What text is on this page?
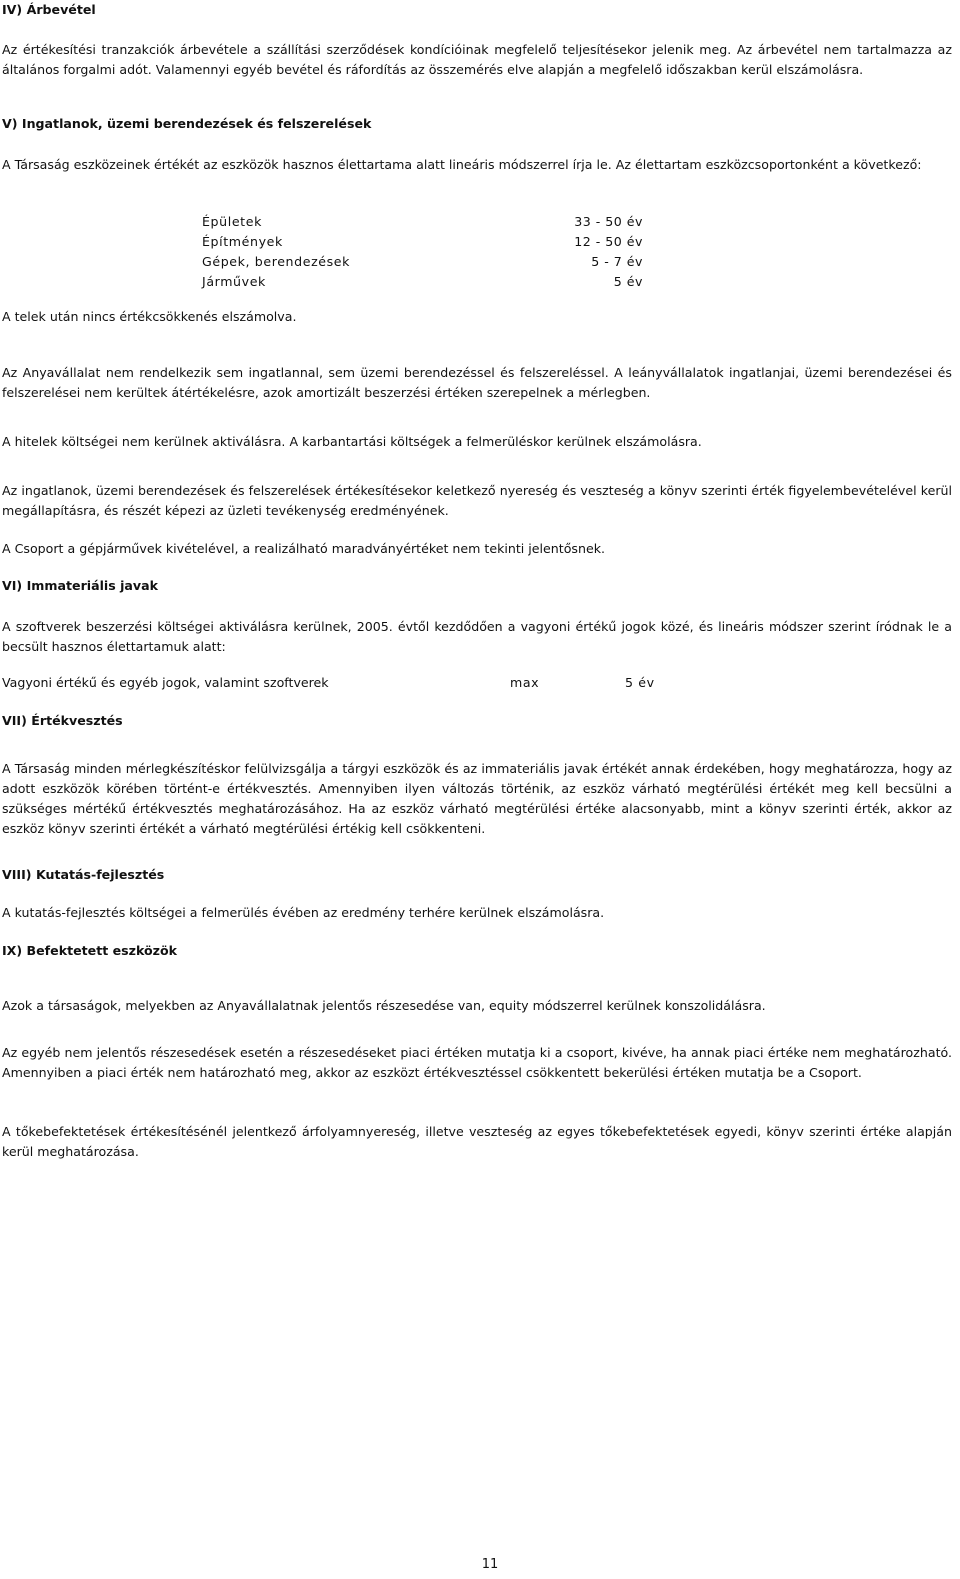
IV) Árbevétel

Az értékesítési tranzakciók árbevétele a szállítási szerződések kondícióinak megfelelő teljesítésekor jelenik meg. Az árbevétel nem tartalmazza az általános forgalmi adót. Valamennyi egyéb bevétel és ráfordítás az összemérés elve alapján a megfelelő időszakban kerül elszámolásra.

V) Ingatlanok, üzemi berendezések és felszerelések

A Társaság eszközeinek értékét az eszközök hasznos élettartama alatt lineáris módszerrel írja le. Az élettartam eszközcsoportonként a következő:

Épületek
Építmények
Gépek, berendezések
Járművek
33 - 50 év
12 - 50 év
5 - 7 év
5 év

A telek után nincs értékcsökkenés elszámolva.

Az Anyavállalat nem rendelkezik sem ingatlannal, sem üzemi berendezéssel és felszereléssel. A leányvállalatok ingatlanjai, üzemi berendezései és felszerelései nem kerültek átértékelésre, azok amortizált beszerzési értéken szerepelnek a mérlegben.

A hitelek költségei nem kerülnek aktiválásra. A karbantartási költségek a felmerüléskor kerülnek elszámolásra.

Az ingatlanok, üzemi berendezések és felszerelések értékesítésekor keletkező nyereség és veszteség a könyv szerinti érték figyelembevételével kerül megállapításra, és részét képezi az üzleti tevékenység eredményének.

A Csoport a gépjárművek kivételével, a realizálható maradványértéket nem tekinti jelentősnek.

VI) Immateriális javak

A szoftverek beszerzési költségei aktiválásra kerülnek, 2005. évtől kezdődően a vagyoni értékű jogok közé, és lineáris módszer szerint íródnak le a becsült hasznos élettartamuk alatt:

Vagyoni értékű és egyéb jogok, valamint szoftverek	max	5 év
VII) Értékvesztés

A Társaság minden mérlegkészítéskor felülvizsgálja a tárgyi eszközök és az immateriális javak értékét annak érdekében, hogy meghatározza, hogy az adott eszközök körében történt-e értékvesztés. Amennyiben ilyen változás történik, az eszköz várható megtérülési értékét meg kell becsülni a szükséges mértékű értékvesztés meghatározásához. Ha az eszköz várható megtérülési értéke alacsonyabb, mint a könyv szerinti érték, akkor az eszköz könyv szerinti értékét a várható megtérülési értékig kell csökkenteni.

VIII) Kutatás-fejlesztés

A kutatás-fejlesztés költségei a felmerülés évében az eredmény terhére kerülnek elszámolásra.

IX) Befektetett eszközök

Azok a társaságok, melyekben az Anyavállalatnak jelentős részesedése van, equity módszerrel kerülnek konszolidálásra.

Az egyéb nem jelentős részesedések esetén a részesedéseket piaci értéken mutatja ki a csoport, kivéve, ha annak piaci értéke nem meghatározható. Amennyiben a piaci érték nem határozható meg, akkor az eszközt értékvesztéssel csökkentett bekerülési értéken mutatja be a Csoport.

A tőkebefektetések értékesítésénél jelentkező árfolyamnyereség, illetve veszteség az egyes tőkebefektetések egyedi, könyv szerinti értéke alapján kerül meghatározása.

11
